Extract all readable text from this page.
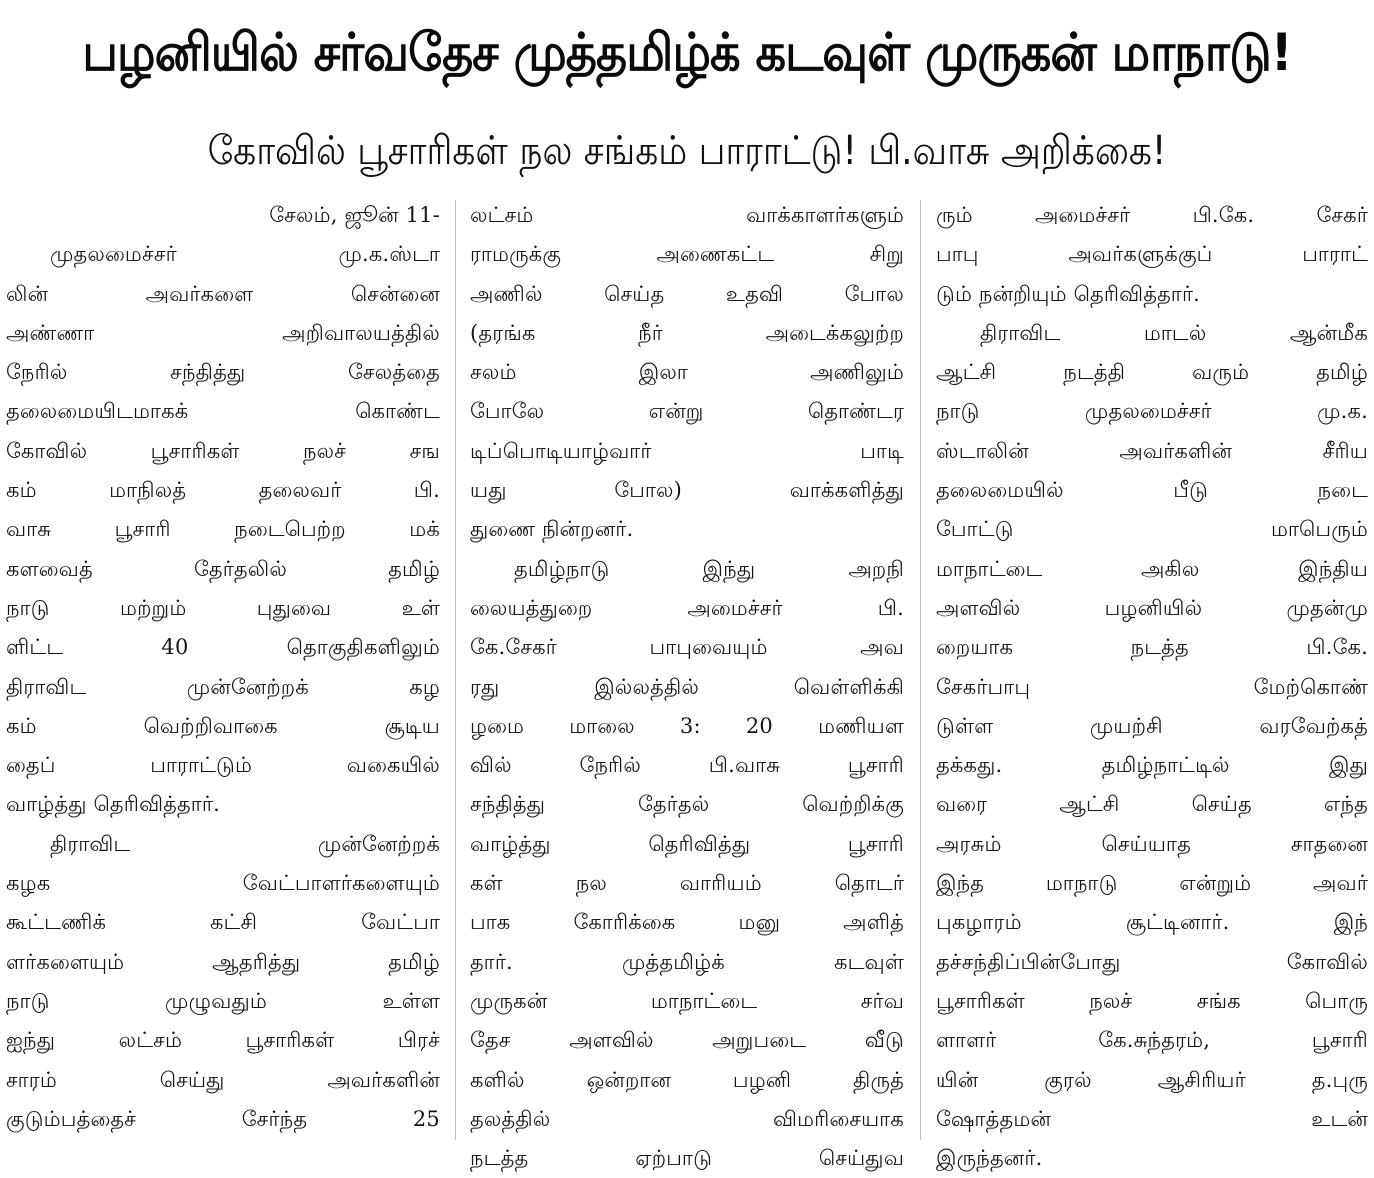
பழனியில் சர்வதேச முத்தமிழ்க் கடவுள் முருகன் மாநாடு!
கோவில் பூசாரிகள் நல சங்கம் பாராட்டு! பி.வாசு அறிக்கை!
சேலம், ஜூன் 11-
முதலமைச்சர் மு.க.ஸ்டா
லின் அவர்களை சென்னை
அண்ணா அறிவாலயத்தில்
நேரில் சந்தித்து சேலத்தை
தலைமையிடமாகக் கொண்ட
கோவில் பூசாரிகள் நலச் சங
கம் மாநிலத் தலைவர் பி.
வாசு பூசாரி நடைபெற்ற மக்
களவைத் தேர்தலில் தமிழ்
நாடு மற்றும் புதுவை உள்
ளிட்ட 40 தொகுதிகளிலும்
திராவிட முன்னேற்றக் கழ
கம் வெற்றிவாகை சூடிய
தைப் பாராட்டும் வகையில்
வாழ்த்து தெரிவித்தார்.
திராவிட முன்னேற்றக்
கழக வேட்பாளர்களையும்
கூட்டணிக் கட்சி வேட்பா
ளர்களையும் ஆதரித்து தமிழ்
நாடு முழுவதும் உள்ள
ஐந்து லட்சம் பூசாரிகள் பிரச்
சாரம் செய்து அவர்களின்
குடும்பத்தைச் சேர்ந்த 25
லட்சம் வாக்காளர்களும்
ராமருக்கு அணைகட்ட சிறு
அணில் செய்த உதவி போல
(தரங்க நீர் அடைக்கலுற்ற
சலம் இலா அணிலும்
போலே என்று தொண்டர
டிப்பொடியாழ்வார் பாடி
யது போல) வாக்களித்து
துணை நின்றனர்.
தமிழ்நாடு இந்து அறநி
லையத்துறை அமைச்சர் பி.
கே.சேகர் பாபுவையும் அவ
ரது இல்லத்தில் வெள்ளிக்கி
ழமை மாலை 3: 20 மணியள
வில் நேரில் பி.வாசு பூசாரி
சந்தித்து தேர்தல் வெற்றிக்கு
வாழ்த்து தெரிவித்து பூசாரி
கள் நல வாரியம் தொடர்
பாக கோரிக்கை மனு அளித்
தார். முத்தமிழ்க் கடவுள்
முருகன் மாநாட்டை சர்வ
தேச அளவில் அறுபடை வீடு
களில் ஒன்றான பழனி திருத்
தலத்தில் விமரிசையாக
நடத்த ஏற்பாடு செய்துவ
ரும் அமைச்சர் பி.கே. சேகர்
பாபு அவர்களுக்குப் பாராட்
டும் நன்றியும் தெரிவித்தார்.
திராவிட மாடல் ஆன்மீக
ஆட்சி நடத்தி வரும் தமிழ்
நாடு முதலமைச்சர் மு.க.
ஸ்டாலின் அவர்களின் சீரிய
தலைமையில் பீடு நடை
போட்டு மாபெரும்
மாநாட்டை அகில இந்திய
அளவில் பழனியில் முதன்மு
றையாக நடத்த பி.கே.
சேகர்பாபு மேற்கொண்
டுள்ள முயற்சி வரவேற்கத்
தக்கது. தமிழ்நாட்டில் இது
வரை ஆட்சி செய்த எந்த
அரசும் செய்யாத சாதனை
இந்த மாநாடு என்றும் அவர்
புகழாரம் சூட்டினார். இந்
தச்சந்திப்பின்போது கோவில்
பூசாரிகள் நலச் சங்க பொரு
ளாளர் கே.சுந்தரம், பூசாரி
யின் குரல் ஆசிரியர் த.புரு
ஷோத்தமன் உடன்
இருந்தனர்.
